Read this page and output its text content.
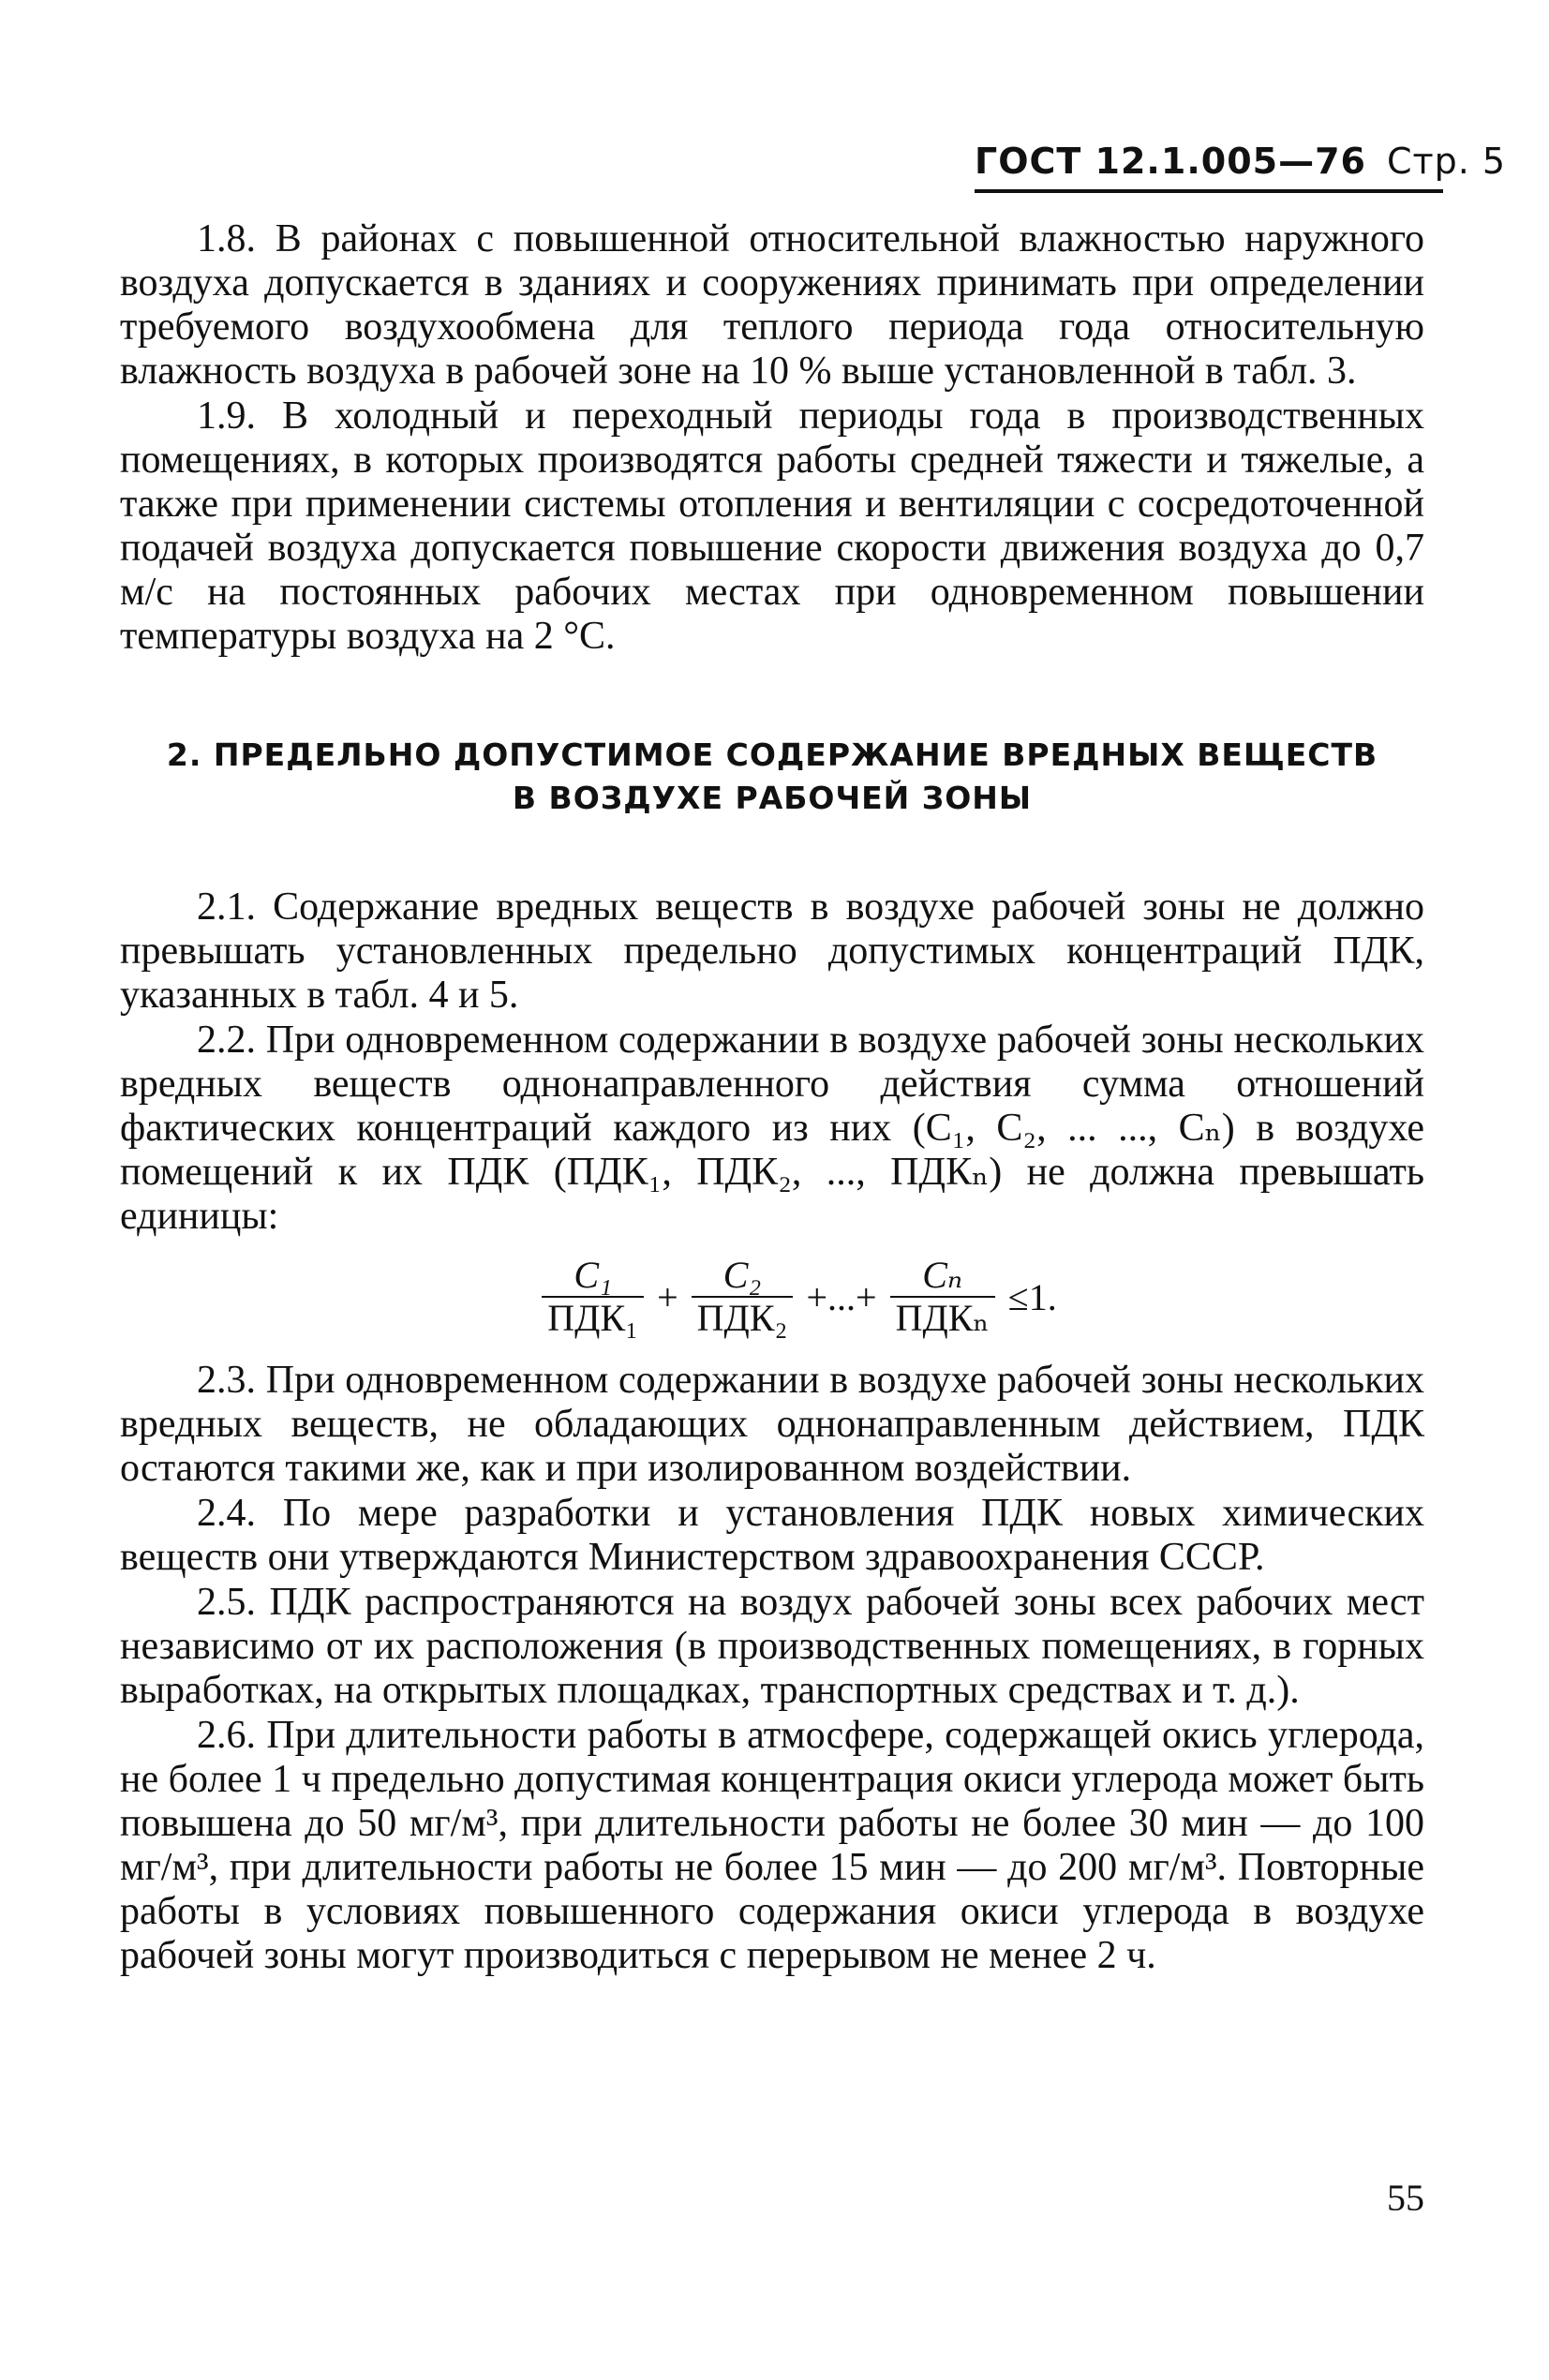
ГОСТ 12.1.005—76 Стр. 5

1.8. В районах с повышенной относительной влажностью наружного воздуха допускается в зданиях и сооружениях принимать при определении требуемого воздухообмена для теплого периода года относительную влажность воздуха в рабочей зоне на 10 % выше установленной в табл. 3.

1.9. В холодный и переходный периоды года в производственных помещениях, в которых производятся работы средней тяжести и тяжелые, а также при применении системы отопления и вентиляции с сосредоточенной подачей воздуха допускается повышение скорости движения воздуха до 0,7 м/с на постоянных рабочих местах при одновременном повышении температуры воздуха на 2 °С.

2. ПРЕДЕЛЬНО ДОПУСТИМОЕ СОДЕРЖАНИЕ ВРЕДНЫХ ВЕЩЕСТВ
В ВОЗДУХЕ РАБОЧЕЙ ЗОНЫ

2.1. Содержание вредных веществ в воздухе рабочей зоны не должно превышать установленных предельно допустимых концентраций ПДК, указанных в табл. 4 и 5.

2.2. При одновременном содержании в воздухе рабочей зоны нескольких вредных веществ однонаправленного действия сумма отношений фактических концентраций каждого из них (C₁, C₂, ... ..., Cₙ) в воздухе помещений к их ПДК (ПДК₁, ПДК₂, ..., ПДКₙ) не должна превышать единицы:

$\frac{\text{C₁}}{\text{ПДК₁}} + \frac{\text{C₂}}{\text{ПДК₂}}$ +...+ $\frac{\text{Cₙ}}{\text{ПДКₙ}} \le 1$.

2.3. При одновременном содержании в воздухе рабочей зоны нескольких вредных веществ, не обладающих однонаправленным действием, ПДК остаются такими же, как и при изолированном воздействии.

2.4. По мере разработки и установления ПДК новых химических веществ они утверждаются Министерством здравоохранения СССР.

2.5. ПДК распространяются на воздух рабочей зоны всех рабочих мест независимо от их расположения (в производственных помещениях, в горных выработках, на открытых площадках, транспортных средствах и т. д.).

2.6. При длительности работы в атмосфере, содержащей окись углерода, не более 1 ч предельно допустимая концентрация окиси углерода может быть повышена до 50 мг/м³, при длительности работы не более 30 мин — до 100 мг/м³, при длительности работы не более 15 мин — до 200 мг/м³. Повторные работы в условиях повышенного содержания окиси углерода в воздухе рабочей зоны могут производиться с перерывом не менее 2 ч.

55
